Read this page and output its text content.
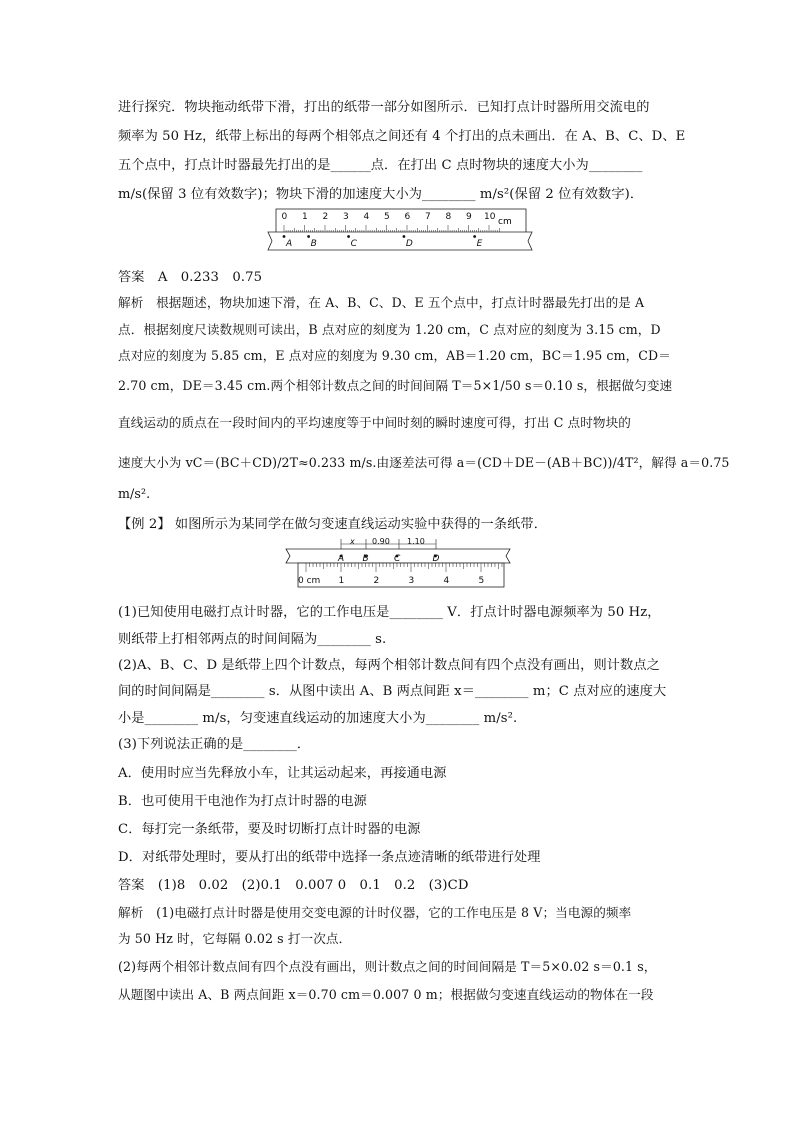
进行探究．物块拖动纸带下滑，打出的纸带一部分如图所示．已知打点计时器所用交流电的
频率为 50 Hz，纸带上标出的每两个相邻点之间还有 4 个打出的点未画出．在 A、B、C、D、E
五个点中，打点计时器最先打出的是______点．在打出 C 点时物块的速度大小为________
m/s(保留 3 位有效数字)；物块下滑的加速度大小为________ m/s²(保留 2 位有效数字)．
0 1 2 3 4 5 6 7 8 9 10 cm
A B	C	D	E
答案　A　0.233　0.75
解析　根据题述，物块加速下滑，在 A、B、C、D、E 五个点中，打点计时器最先打出的是 A
点．根据刻度尺读数规则可读出，B 点对应的刻度为 1.20 cm，C 点对应的刻度为 3.15 cm，D
点对应的刻度为 5.85 cm，E 点对应的刻度为 9.30 cm，AB＝1.20 cm，BC＝1.95 cm，CD＝
2.70 cm，DE＝3.45 cm.两个相邻计数点之间的时间间隔 T＝5×1/50 s＝0.10 s，根据做匀变速
直线运动的质点在一段时间内的平均速度等于中间时刻的瞬时速度可得，打出 C 点时物块的
速度大小为 vC＝(BC＋CD)/2T≈0.233 m/s.由逐差法可得 a＝(CD＋DE－(AB＋BC))/4T²，解得 a＝0.75
m/s².
【例 2】 如图所示为某同学在做匀变速直线运动实验中获得的一条纸带．
0 cm 1	2	3	4	5
A B	C	D
x 0.90 1.10
(1)已知使用电磁打点计时器，它的工作电压是________ V．打点计时器电源频率为 50 Hz，
则纸带上打相邻两点的时间间隔为________ s.
(2)A、B、C、D 是纸带上四个计数点，每两个相邻计数点间有四个点没有画出，则计数点之
间的时间间隔是________ s．从图中读出 A、B 两点间距 x＝________ m；C 点对应的速度大
小是________ m/s，匀变速直线运动的加速度大小为________ m/s².
(3)下列说法正确的是________．
A．使用时应当先释放小车，让其运动起来，再接通电源
B．也可使用干电池作为打点计时器的电源
C．每打完一条纸带，要及时切断打点计时器的电源
D．对纸带处理时，要从打出的纸带中选择一条点迹清晰的纸带进行处理
答案　(1)8　0.02　(2)0.1　0.007 0　0.1　0.2　(3)CD
解析　(1)电磁打点计时器是使用交变电源的计时仪器，它的工作电压是 8 V；当电源的频率
为 50 Hz 时，它每隔 0.02 s 打一次点．
(2)每两个相邻计数点间有四个点没有画出，则计数点之间的时间间隔是 T＝5×0.02 s＝0.1 s，
从题图中读出 A、B 两点间距 x＝0.70 cm＝0.007 0 m；根据做匀变速直线运动的物体在一段
